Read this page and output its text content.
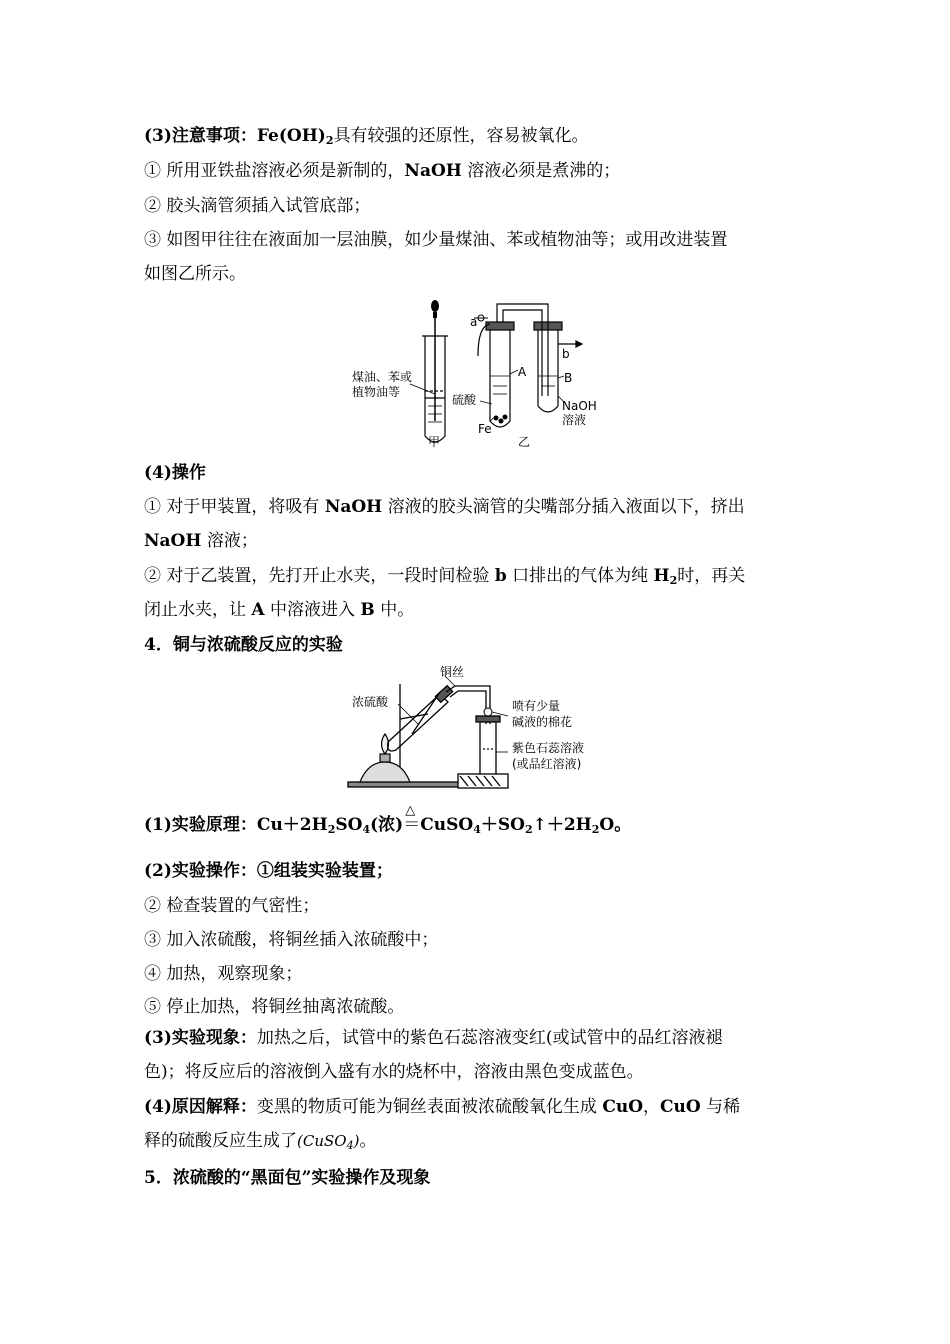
(3)注意事项：$Fe(OH)_2$具有较强的还原性，容易被氧化。
① 所用亚铁盐溶液必须是新制的，NaOH 溶液必须是煮沸的；
② 胶头滴管须插入试管底部；
③ 如图甲往往在液面加一层油膜，如少量煤油、苯或植物油等；或用改进装置
如图乙所示。
煤油、苯或
植物油等
甲
a
b
A	B
硫酸
Fe
NaOH
溶液
乙
(4)操作
① 对于甲装置，将吸有 NaOH 溶液的胶头滴管的尖嘴部分插入液面以下，挤出
NaOH 溶液；
② 对于乙装置，先打开止水夹，一段时间检验 b 口排出的气体为纯 $H_2$时，再关
闭止水夹，让 A 中溶液进入 B 中。
4．铜与浓硫酸反应的实验
铜丝
浓硫酸	喷有少量
碱液的棉花
紫色石蕊溶液
(或品红溶液)
(1)实验原理：$Cu+2H_2SO_4$(浓)
△
$=CuSO_4+SO_2↑+2H_2O$。
(2)实验操作：①组装实验装置；
② 检查装置的气密性；
③ 加入浓硫酸，将铜丝插入浓硫酸中；
④ 加热，观察现象；
⑤ 停止加热，将铜丝抽离浓硫酸。
(3)实验现象：加热之后，试管中的紫色石蕊溶液变红(或试管中的品红溶液褪
色)；将反应后的溶液倒入盛有水的烧杯中，溶液由黑色变成蓝色。
(4)原因解释：变黑的物质可能为铜丝表面被浓硫酸氧化生成 CuO，CuO 与稀
释的硫酸反应生成了(CuSO$_4$)。
5．浓硫酸的“黑面包”实验操作及现象
